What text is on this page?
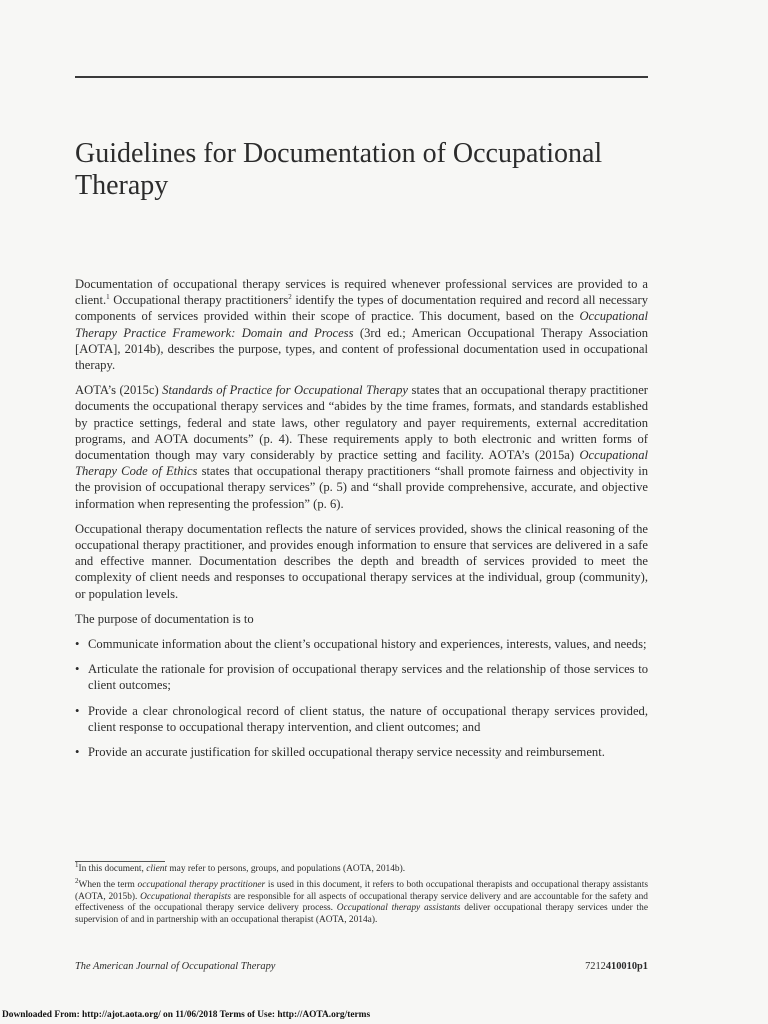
Guidelines for Documentation of Occupational Therapy

Documentation of occupational therapy services is required whenever professional services are provided to a client.$^1$ Occupational therapy practitioners$^2$ identify the types of documentation required and record all necessary components of services provided within their scope of practice. This document, based on the Occupational Therapy Practice Framework: Domain and Process (3rd ed.; American Occupational Therapy Association [AOTA], 2014b), describes the purpose, types, and content of professional documentation used in occupational therapy.

AOTA’s (2015c) Standards of Practice for Occupational Therapy states that an occupational therapy practitioner documents the occupational therapy services and “abides by the time frames, formats, and standards established by practice settings, federal and state laws, other regulatory and payer requirements, external accreditation programs, and AOTA documents” (p. 4). These requirements apply to both electronic and written forms of documentation though may vary considerably by practice setting and facility. AOTA’s (2015a) Occupational Therapy Code of Ethics states that occupational therapy practitioners “shall promote fairness and objectivity in the provision of occupational therapy services” (p. 5) and “shall provide comprehensive, accurate, and objective information when representing the profession” (p. 6).

Occupational therapy documentation reflects the nature of services provided, shows the clinical reasoning of the occupational therapy practitioner, and provides enough information to ensure that services are delivered in a safe and effective manner. Documentation describes the depth and breadth of services provided to meet the complexity of client needs and responses to occupational therapy services at the individual, group (community), or population levels.

The purpose of documentation is to

• Communicate information about the client’s occupational history and experiences, interests, values, and needs;
• Articulate the rationale for provision of occupational therapy services and the relationship of those services to client outcomes;
• Provide a clear chronological record of client status, the nature of occupational therapy services provided, client response to occupational therapy intervention, and client outcomes; and
• Provide an accurate justification for skilled occupational therapy service necessity and reimbursement.

$^1$In this document, client may refer to persons, groups, and populations (AOTA, 2014b).

$^2$When the term occupational therapy practitioner is used in this document, it refers to both occupational therapists and occupational therapy assistants (AOTA, 2015b). Occupational therapists are responsible for all aspects of occupational therapy service delivery and are accountable for the safety and effectiveness of the occupational therapy service delivery process. Occupational therapy assistants deliver occupational therapy services under the supervision of and in partnership with an occupational therapist (AOTA, 2014a).

The American Journal of Occupational Therapy	7212410010p1
Downloaded From: http://ajot.aota.org/ on 11/06/2018 Terms of Use: http://AOTA.org/terms
